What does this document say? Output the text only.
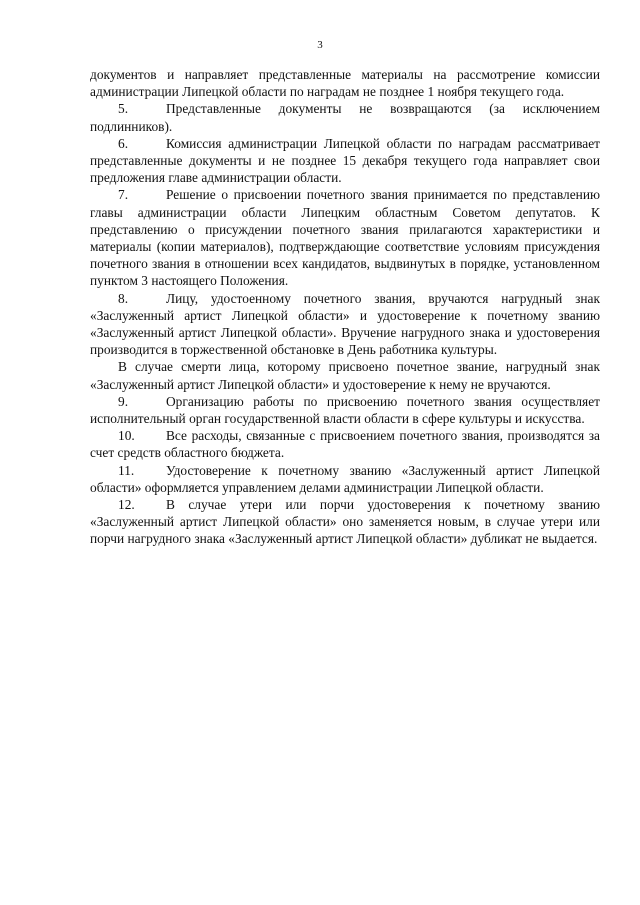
3

документов и направляет представленные материалы на рассмотрение комиссии администрации Липецкой области по наградам не позднее 1 ноября текущего года.

5.	Представленные документы не возвращаются (за исключением подлинников).

6.	Комиссия администрации Липецкой области по наградам рассматривает представленные документы и не позднее 15 декабря текущего года направляет свои предложения главе администрации области.

7.	Решение о присвоении почетного звания принимается по представлению главы администрации области Липецким областным Советом депутатов. К представлению о присуждении почетного звания прилагаются характеристики и материалы (копии материалов), подтверждающие соответствие условиям присуждения почетного звания в отношении всех кандидатов, выдвинутых в порядке, установленном пунктом 3 настоящего Положения.

8.	Лицу, удостоенному почетного звания, вручаются нагрудный знак «Заслуженный артист Липецкой области» и удостоверение к почетному званию «Заслуженный артист Липецкой области». Вручение нагрудного знака и удостоверения производится в торжественной обстановке в День работника культуры.

В случае смерти лица, которому присвоено почетное звание, нагрудный знак «Заслуженный артист Липецкой области» и удостоверение к нему не вручаются.

9.	Организацию работы по присвоению почетного звания осуществляет исполнительный орган государственной власти области в сфере культуры и искусства.

10. Все расходы, связанные с присвоением почетного звания, производятся за счет средств областного бюджета.

11. Удостоверение к почетному званию «Заслуженный артист Липецкой области» оформляется управлением делами администрации Липецкой области.

12. В случае утери или порчи удостоверения к почетному званию «Заслуженный артист Липецкой области» оно заменяется новым, в случае утери или порчи нагрудного знака «Заслуженный артист Липецкой области» дубликат не выдается.
